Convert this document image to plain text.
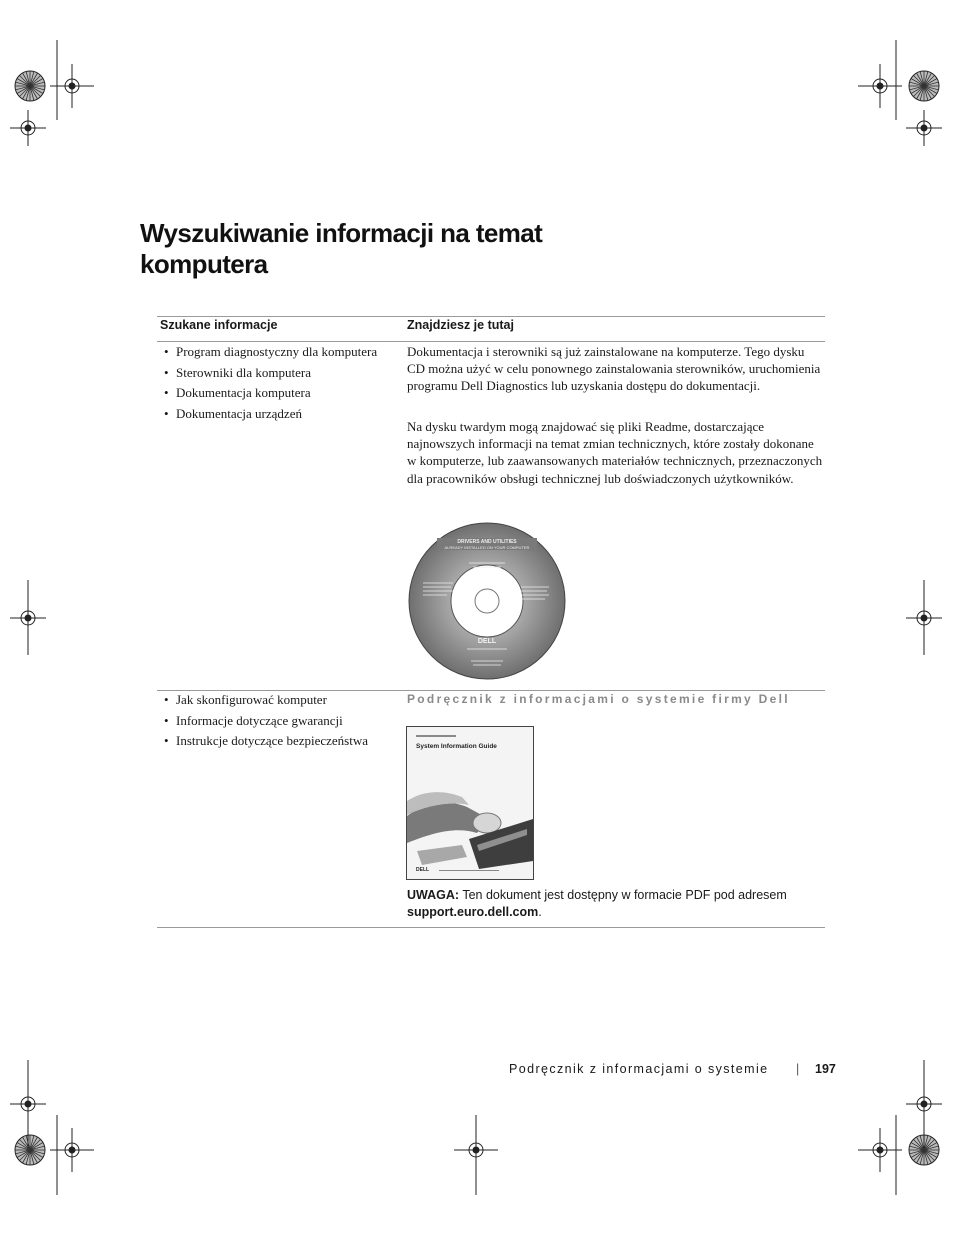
Wyszukiwanie informacji na temat
komputera
Szukane informacje	Znajdziesz je tutaj
• Program diagnostyczny dla komputera
• Sterowniki dla komputera
• Dokumentacja komputera
• Dokumentacja urządzeń

Dokumentacja i sterowniki są już zainstalowane na komputerze. Tego dysku CD można użyć w celu ponownego zainstalowania sterowników, uruchomienia programu Dell Diagnostics lub uzyskania dostępu do dokumentacji.

Na dysku twardym mogą znajdować się pliki Readme, dostarczające najnowszych informacji na temat zmian technicznych, które zostały dokonane w komputerze, lub zaawansowanych materiałów technicznych, przeznaczonych dla pracowników obsługi technicznej lub doświadczonych użytkowników.

DRIVERS AND UTILITIES
ALREADY INSTALLED ON YOUR COMPUTER
DELL
• Jak skonfigurować komputer
• Informacje dotyczące gwarancji
• Instrukcje dotyczące bezpieczeństwa
Podręcznik z informacjami o systemie firmy Dell
System Information Guide
DELL

UWAGA: Ten dokument jest dostępny w formacie PDF pod adresem support.euro.dell.com.

Podręcznik z informacjami o systemie | 197
